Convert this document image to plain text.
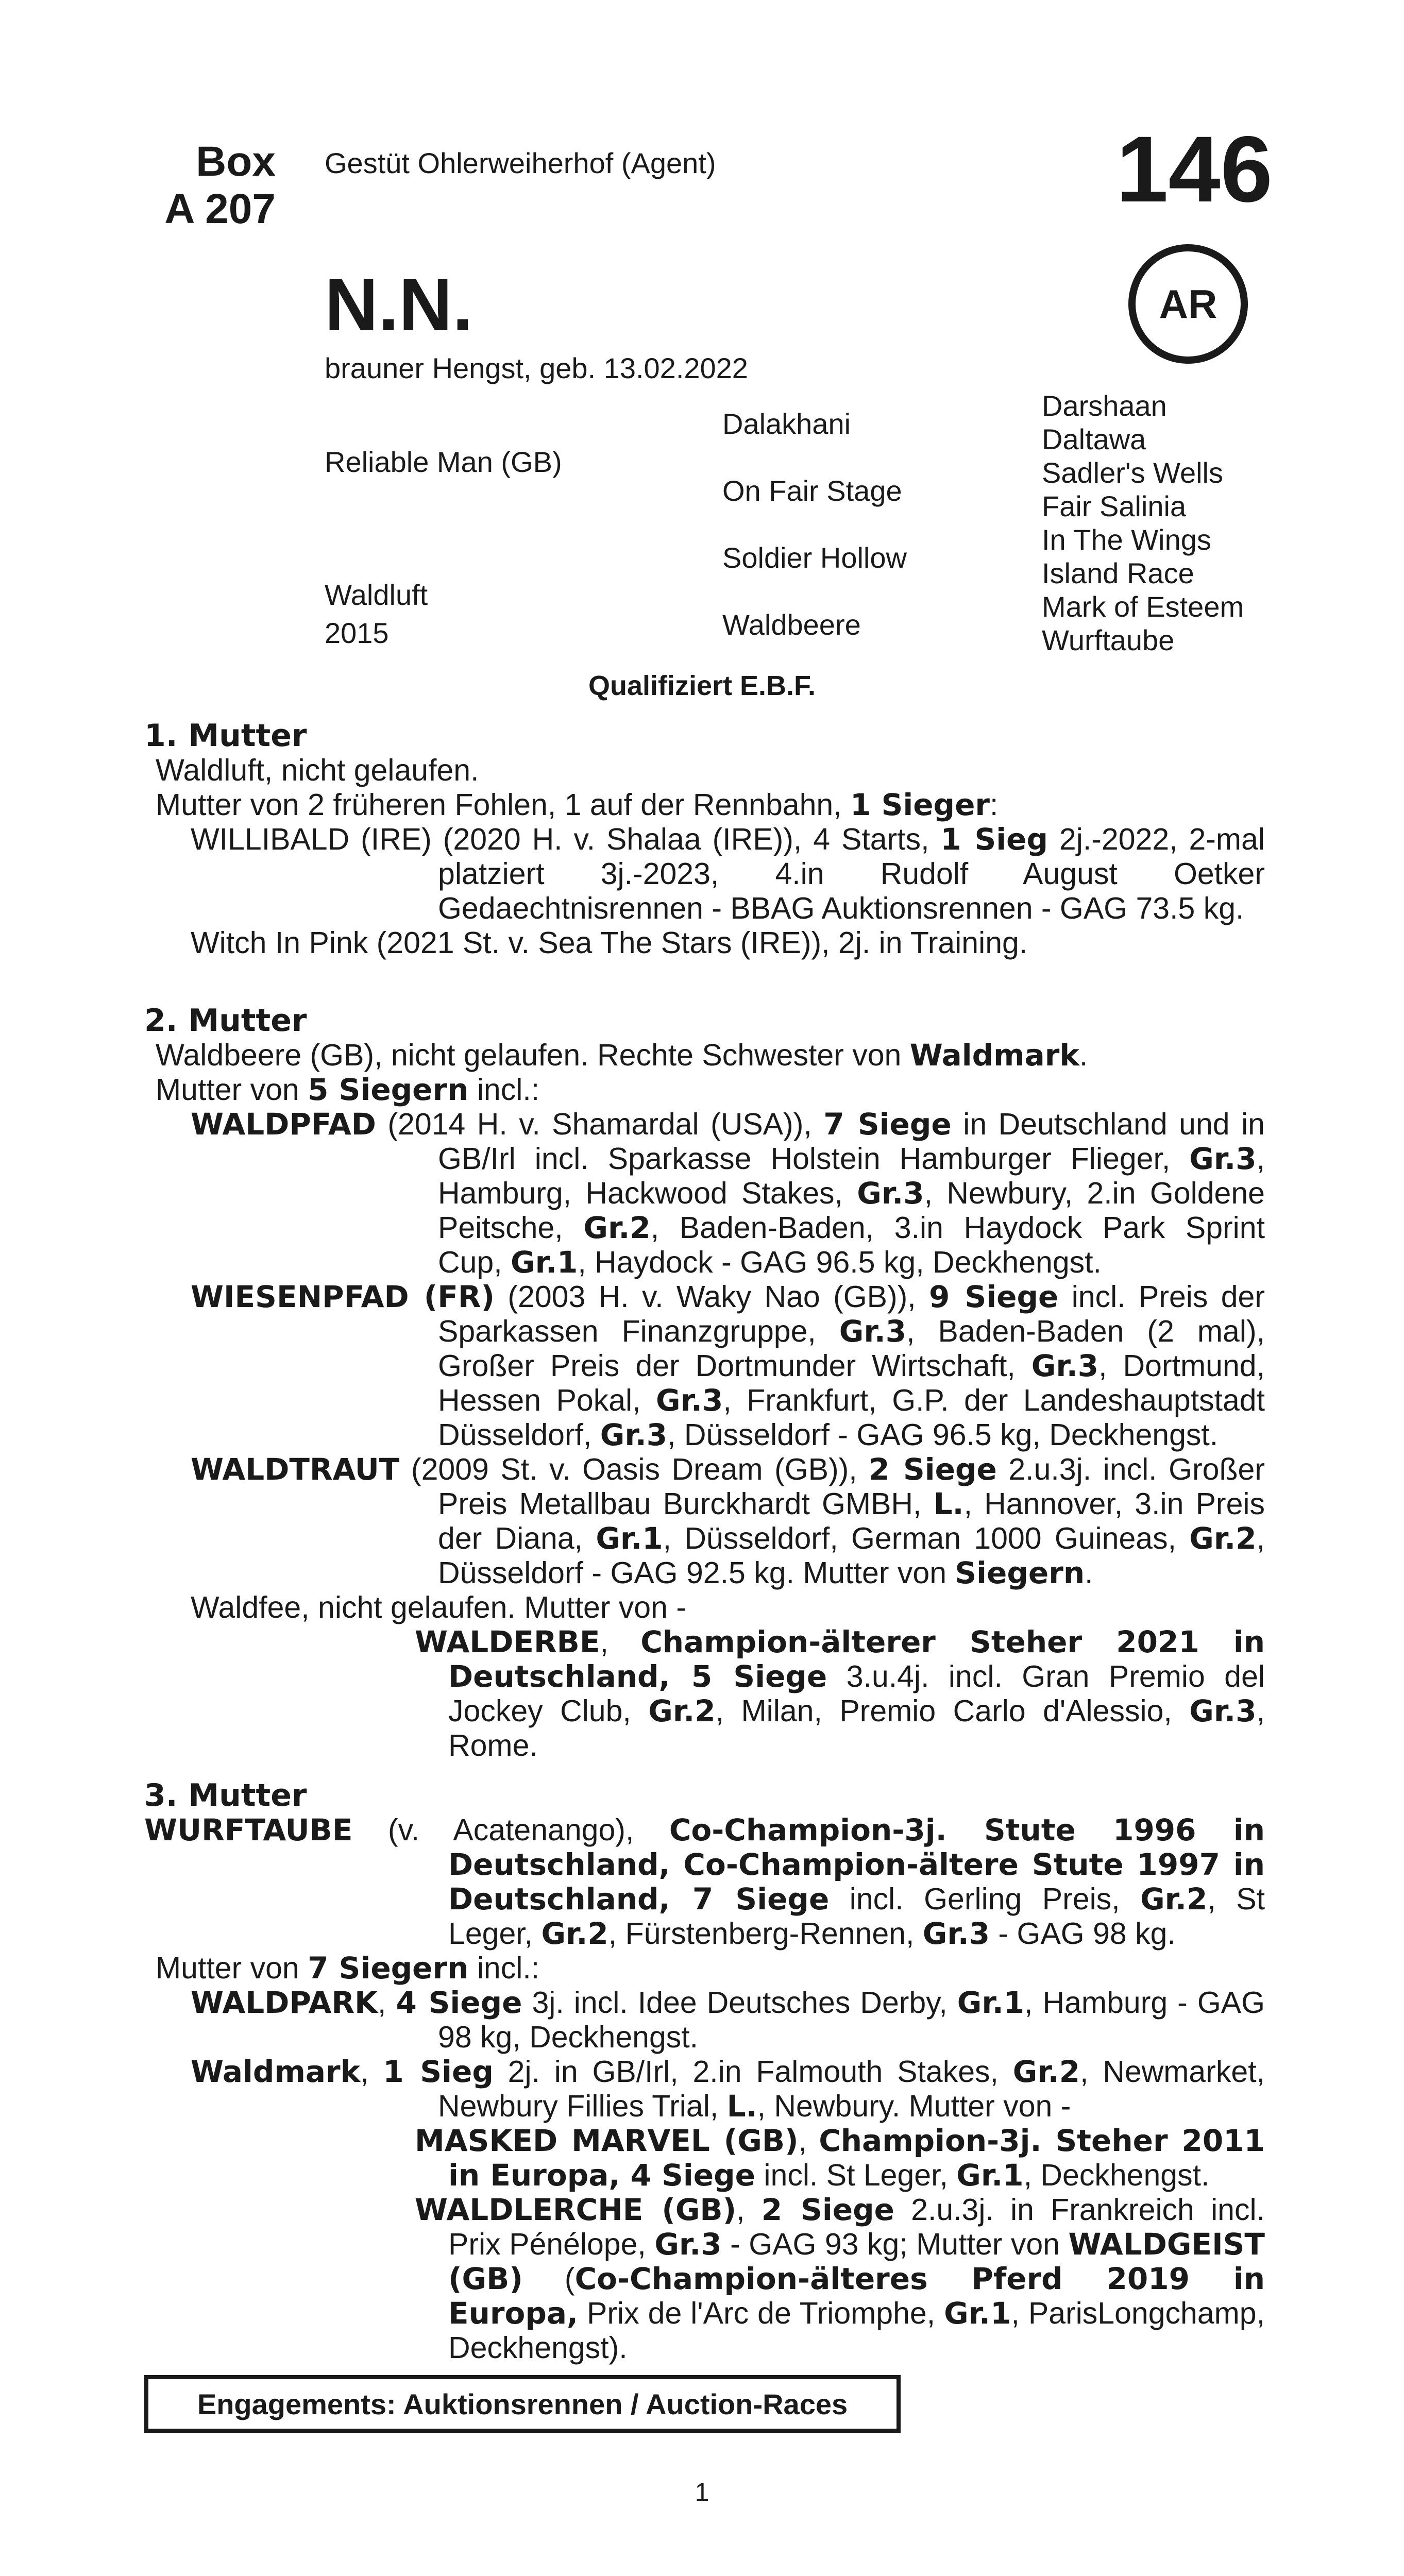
Box
A 207
Gestüt Ohlerweiherhof (Agent)	146
AR
N.N.
brauner Hengst, geb. 13.02.2022
Reliable Man (GB)
Waldluft
2015
Dalakhani
On Fair Stage
Soldier Hollow
Waldbeere
Darshaan
Daltawa
Sadler's Wells
Fair Salinia
In The Wings
Island Race
Mark of Esteem
Wurftaube
Qualifiziert E.B.F.

1. Mutter

Waldluft, nicht gelaufen.

Mutter von 2 früheren Fohlen, 1 auf der Rennbahn, 1 Sieger:

WILLIBALD (IRE) (2020 H. v. Shalaa (IRE)), 4 Starts, 1 Sieg 2j.-2022, 2-mal platziert 3j.-2023, 4.in Rudolf August Oetker Gedaechtnisrennen - BBAG Auktionsrennen - GAG 73.5 kg.

Witch In Pink (2021 St. v. Sea The Stars (IRE)), 2j. in Training.

2. Mutter

Waldbeere (GB), nicht gelaufen. Rechte Schwester von Waldmark.

Mutter von 5 Siegern incl.:

WALDPFAD (2014 H. v. Shamardal (USA)), 7 Siege in Deutschland und in GB/Irl incl. Sparkasse Holstein Hamburger Flieger, Gr.3, Hamburg, Hackwood Stakes, Gr.3, Newbury, 2.in Goldene Peitsche, Gr.2, Baden-Baden, 3.in Haydock Park Sprint Cup, Gr.1, Haydock - GAG 96.5 kg, Deckhengst.

WIESENPFAD (FR) (2003 H. v. Waky Nao (GB)), 9 Siege incl. Preis der Sparkassen Finanzgruppe, Gr.3, Baden-Baden (2 mal), Großer Preis der Dortmunder Wirtschaft, Gr.3, Dortmund, Hessen Pokal, Gr.3, Frankfurt, G.P. der Landeshauptstadt Düsseldorf, Gr.3, Düsseldorf - GAG 96.5 kg, Deckhengst.

WALDTRAUT (2009 St. v. Oasis Dream (GB)), 2 Siege 2.u.3j. incl. Großer Preis Metallbau Burckhardt GMBH, L., Hannover, 3.in Preis der Diana, Gr.1, Düsseldorf, German 1000 Guineas, Gr.2, Düsseldorf - GAG 92.5 kg. Mutter von Siegern.

Waldfee, nicht gelaufen. Mutter von -

WALDERBE, Champion-älterer Steher 2021 in Deutschland, 5 Siege 3.u.4j. incl. Gran Premio del Jockey Club, Gr.2, Milan, Premio Carlo d'Alessio, Gr.3, Rome.

3. Mutter

WURFTAUBE (v. Acatenango), Co-Champion-3j. Stute 1996 in Deutschland, Co-Champion-ältere Stute 1997 in Deutschland, 7 Siege incl. Gerling Preis, Gr.2, St Leger, Gr.2, Fürstenberg-Rennen, Gr.3 - GAG 98 kg.

Mutter von 7 Siegern incl.:

WALDPARK, 4 Siege 3j. incl. Idee Deutsches Derby, Gr.1, Hamburg - GAG 98 kg, Deckhengst.

Waldmark, 1 Sieg 2j. in GB/Irl, 2.in Falmouth Stakes, Gr.2, Newmarket, Newbury Fillies Trial, L., Newbury. Mutter von -

MASKED MARVEL (GB), Champion-3j. Steher 2011 in Europa, 4 Siege incl. St Leger, Gr.1, Deckhengst.

WALDLERCHE (GB), 2 Siege 2.u.3j. in Frankreich incl. Prix Pénélope, Gr.3 - GAG 93 kg; Mutter von WALDGEIST (GB) (Co-Champion-älteres Pferd 2019 in Europa, Prix de l'Arc de Triomphe, Gr.1, ParisLongchamp, Deckhengst).

Engagements: Auktionsrennen / Auction-Races
1
